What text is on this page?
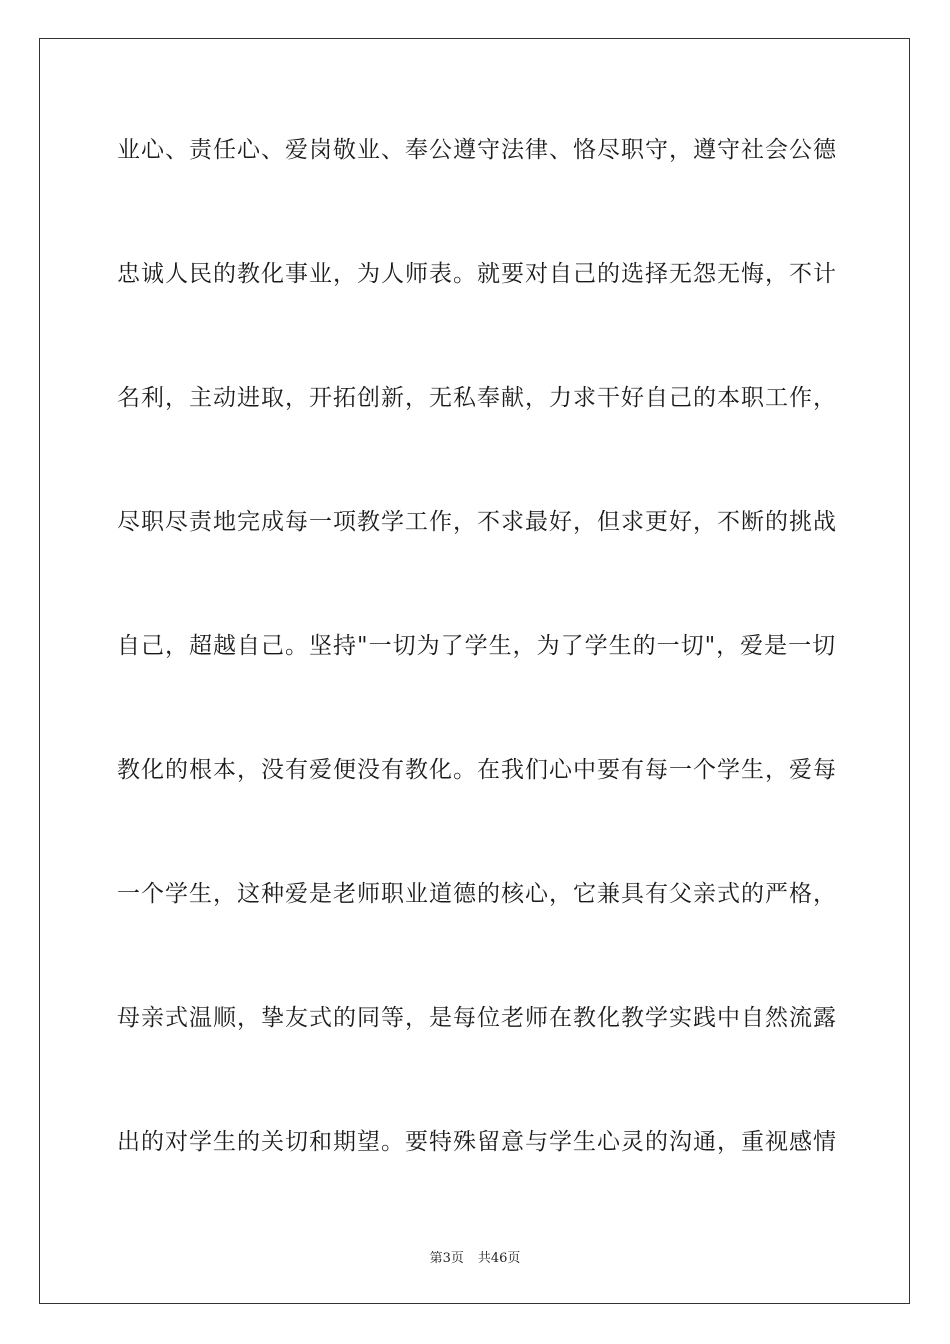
业心、责任心、爱岗敬业、奉公遵守法律、恪尽职守，遵守社会公德
忠诚人民的教化事业，为人师表。就要对自己的选择无怨无悔，不计
名利，主动进取，开拓创新，无私奉献，力求干好自己的本职工作，
尽职尽责地完成每一项教学工作，不求最好，但求更好，不断的挑战
自己，超越自己。坚持"一切为了学生，为了学生的一切"，爱是一切
教化的根本，没有爱便没有教化。在我们心中要有每一个学生，爱每
一个学生，这种爱是老师职业道德的核心，它兼具有父亲式的严格，
母亲式温顺，挚友式的同等，是每位老师在教化教学实践中自然流露
出的对学生的关切和期望。要特殊留意与学生心灵的沟通，重视感情
第3页 共46页
